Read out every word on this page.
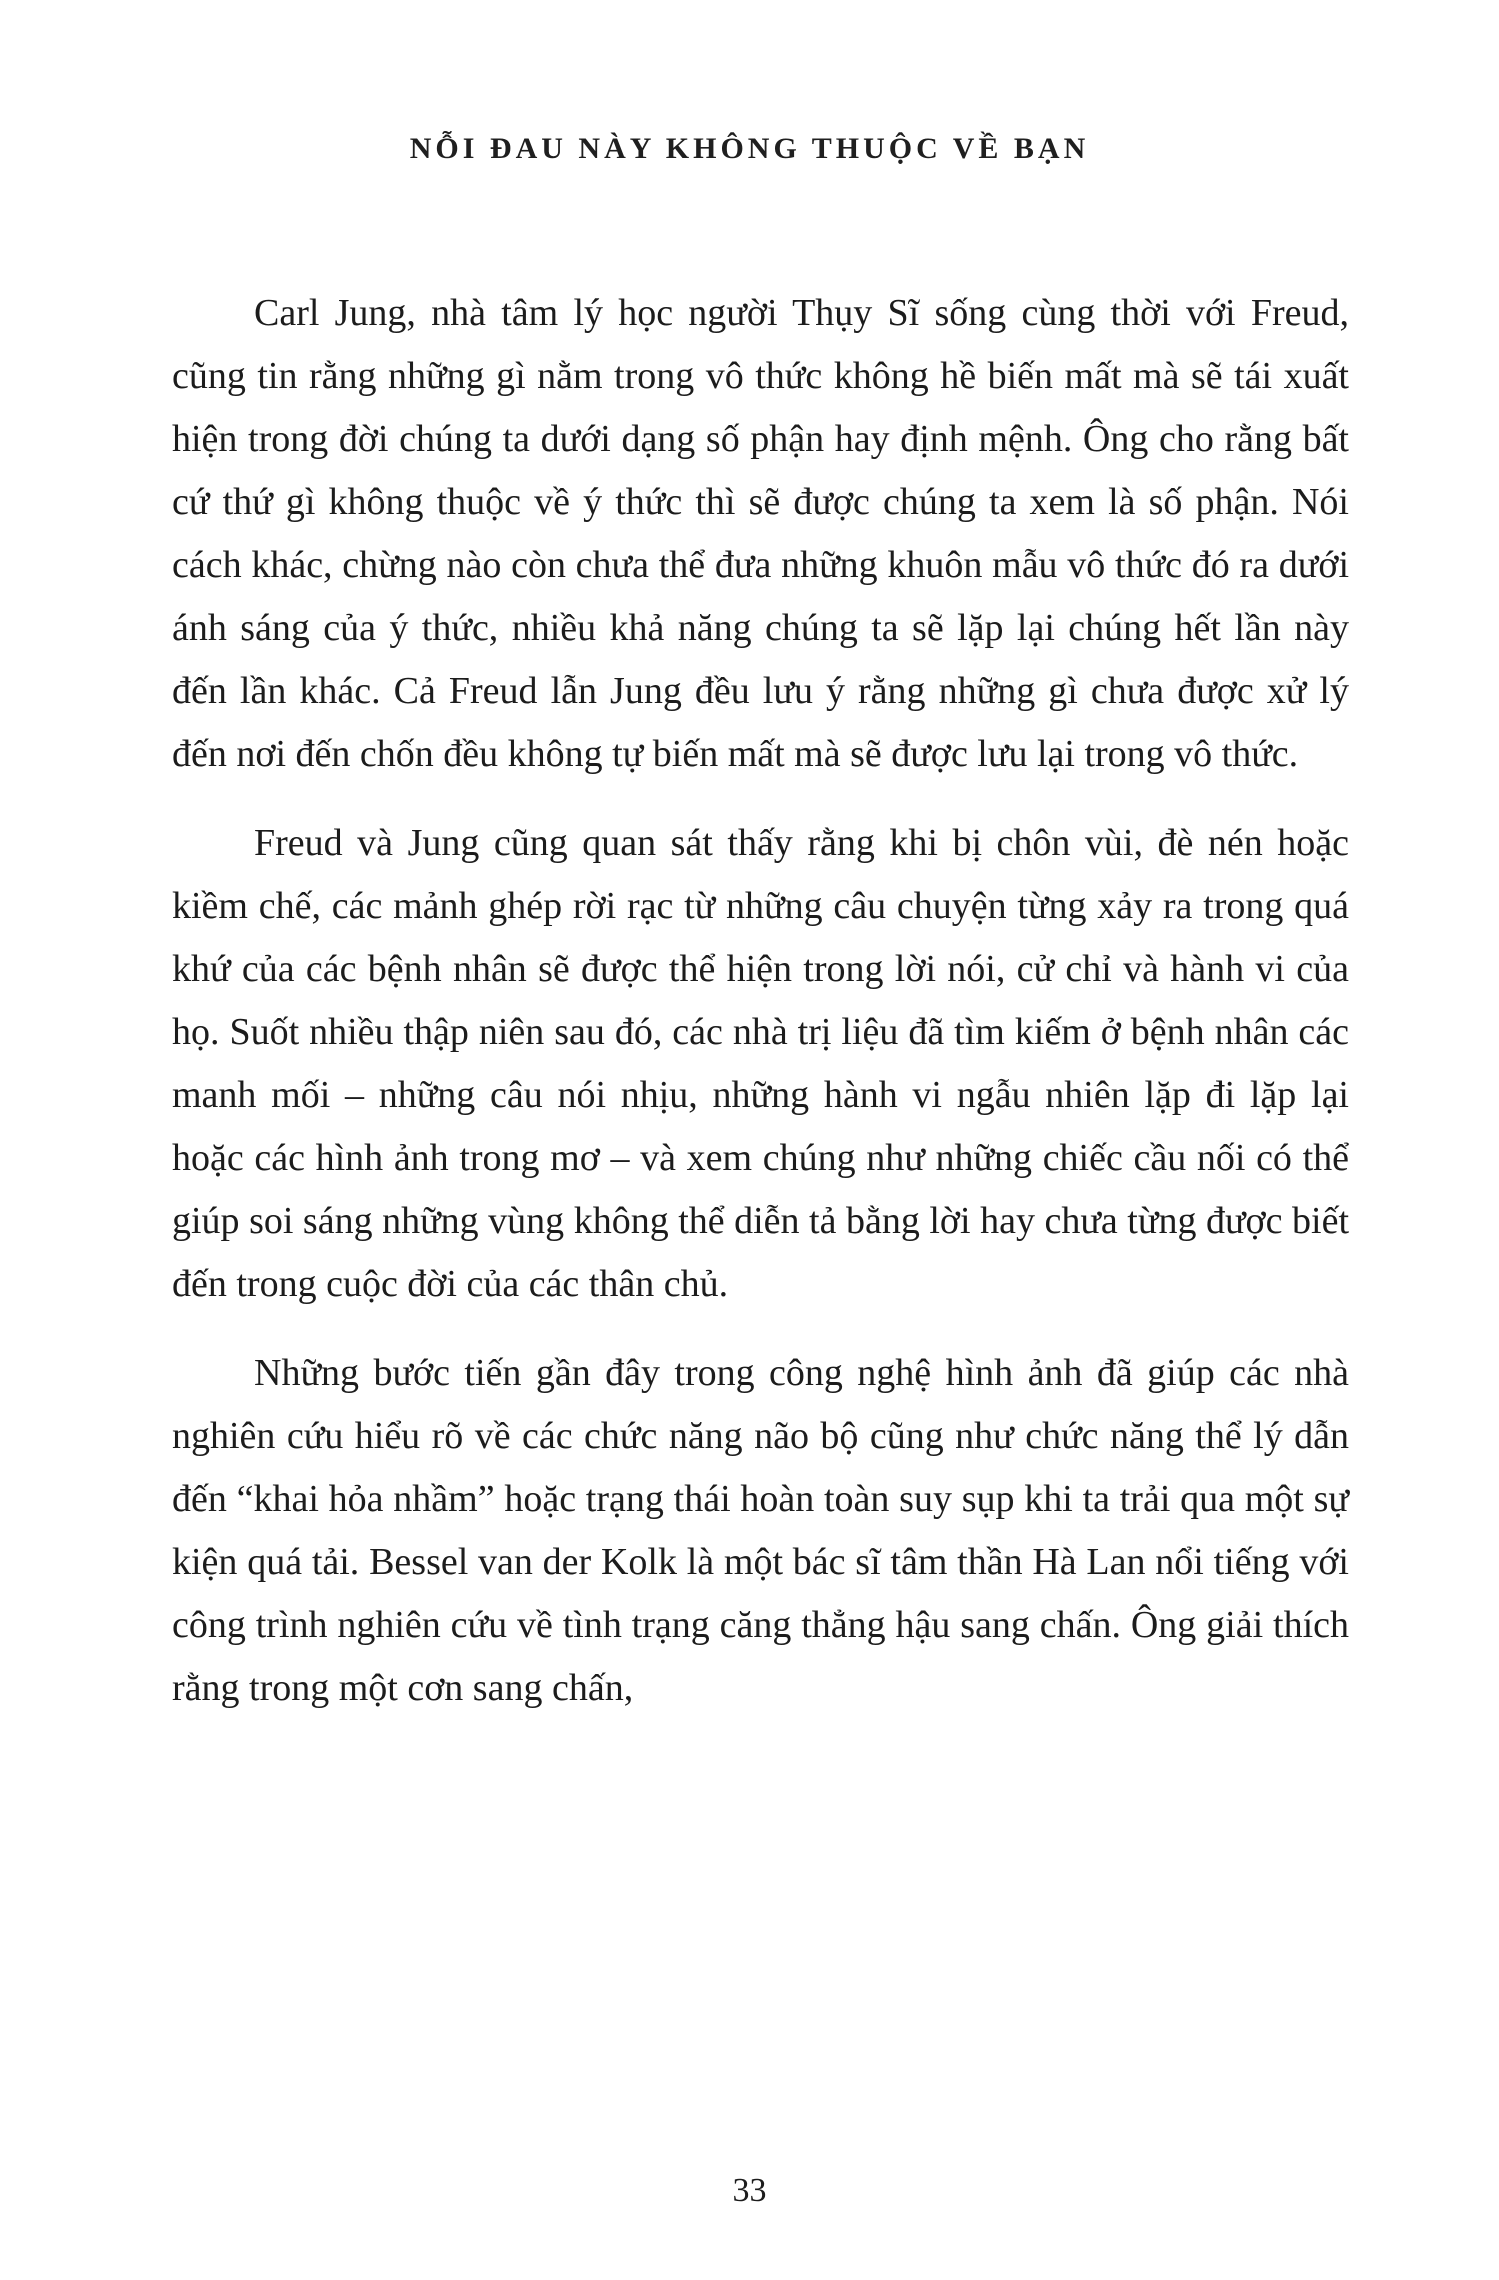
NỖI ĐAU NÀY KHÔNG THUỘC VỀ BẠN

Carl Jung, nhà tâm lý học người Thụy Sĩ sống cùng thời với Freud, cũng tin rằng những gì nằm trong vô thức không hề biến mất mà sẽ tái xuất hiện trong đời chúng ta dưới dạng số phận hay định mệnh. Ông cho rằng bất cứ thứ gì không thuộc về ý thức thì sẽ được chúng ta xem là số phận. Nói cách khác, chừng nào còn chưa thể đưa những khuôn mẫu vô thức đó ra dưới ánh sáng của ý thức, nhiều khả năng chúng ta sẽ lặp lại chúng hết lần này đến lần khác. Cả Freud lẫn Jung đều lưu ý rằng những gì chưa được xử lý đến nơi đến chốn đều không tự biến mất mà sẽ được lưu lại trong vô thức.

Freud và Jung cũng quan sát thấy rằng khi bị chôn vùi, đè nén hoặc kiềm chế, các mảnh ghép rời rạc từ những câu chuyện từng xảy ra trong quá khứ của các bệnh nhân sẽ được thể hiện trong lời nói, cử chỉ và hành vi của họ. Suốt nhiều thập niên sau đó, các nhà trị liệu đã tìm kiếm ở bệnh nhân các manh mối – những câu nói nhịu, những hành vi ngẫu nhiên lặp đi lặp lại hoặc các hình ảnh trong mơ – và xem chúng như những chiếc cầu nối có thể giúp soi sáng những vùng không thể diễn tả bằng lời hay chưa từng được biết đến trong cuộc đời của các thân chủ.

Những bước tiến gần đây trong công nghệ hình ảnh đã giúp các nhà nghiên cứu hiểu rõ về các chức năng não bộ cũng như chức năng thể lý dẫn đến “khai hỏa nhầm” hoặc trạng thái hoàn toàn suy sụp khi ta trải qua một sự kiện quá tải. Bessel van der Kolk là một bác sĩ tâm thần Hà Lan nổi tiếng với công trình nghiên cứu về tình trạng căng thẳng hậu sang chấn. Ông giải thích rằng trong một cơn sang chấn,

33
